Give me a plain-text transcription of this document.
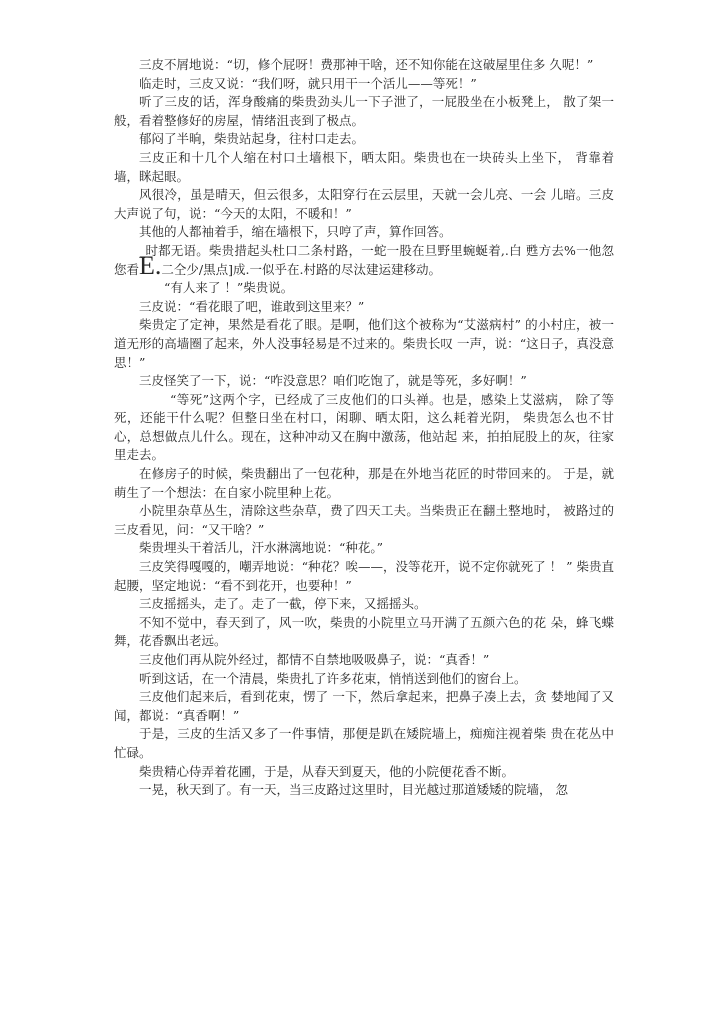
三皮不屑地说：“切，修个屁呀！费那神干啥，还不知你能在这破屋里住多 久呢！”

临走时，三皮又说：“我们呀，就只用干一个活儿——等死！”

听了三皮的话，浑身酸痛的柴贵劲头儿一下子泄了，一屁股坐在小板凳上， 散了架一般，看着整修好的房屋，情绪沮丧到了极点。

郁闷了半晌，柴贵站起身，往村口走去。

三皮正和十几个人缩在村口土墙根下，晒太阳。柴贵也在一块砖头上坐下， 背靠着墙，眯起眼。

风很冷，虽是晴天，但云很多，太阳穿行在云层里，天就一会儿亮、一会 儿暗。三皮大声说了句，说：“今天的太阳，不暖和！”

其他的人都袖着手，缩在墙根下，只哼了声，算作回答。

_时都无语。柴贵措起头杜口二条村路，一蛇一股在旦野里蜿蜒着,.白 甦方去%一他忽您看E.二仝少/黒点]成.一似乎在.村路的尽汰建运建移动。

“有人来了 ！”柴贵说。

三皮说：“看花眼了吧，谁敢到这里来？”

柴贵定了定神，果然是看花了眼。是啊，他们这个被称为“艾滋病村” 的小村庄，被一道无形的高墙圈了起来，外人没事轻易是不过来的。柴贵长叹 一声，说：“这日子，真没意思！”

三皮怪笑了一下，说：“咋没意思？咱们吃饱了，就是等死，多好啊！”

“等死”这两个字，已经成了三皮他们的口头禅。也是，感染上艾滋病， 除了等死，还能干什么呢？但整日坐在村口，闲聊、晒太阳，这么耗着光阴， 柴贵怎么也不甘心，总想做点儿什么。现在，这种冲动又在胸中激荡，他站起 来，拍拍屁股上的灰，往家里走去。

在修房子的时候，柴贵翻出了一包花种，那是在外地当花匠的时带回来的。 于是，就萌生了一个想法：在自家小院里种上花。

小院里杂草丛生，清除这些杂草，费了四天工夫。当柴贵正在翻土整地时， 被路过的三皮看见，问：“又干啥？”

柴贵埋头干着活儿，汗水淋漓地说：“种花。”

三皮笑得嘎嘎的，嘲弄地说：“种花？唉——，没等花开，说不定你就死了 ！ ” 柴贵直起腰，坚定地说：“看不到花开，也要种！”

三皮摇摇头，走了。走了一截，停下来，又摇摇头。

不知不觉中，春天到了，风一吹，柴贵的小院里立马开满了五颜六色的花 朵，蜂飞蝶舞，花香飘出老远。

三皮他们再从院外经过，都情不自禁地吸吸鼻子，说：“真香！”

听到这话，在一个清晨，柴贵扎了许多花束，悄悄送到他们的窗台上。

三皮他们起来后，看到花束，愣了 一下，然后拿起来，把鼻子凑上去，贪 婪地闻了又闻，都说：“真香啊！”

于是，三皮的生活又多了一件事情，那便是趴在矮院墙上，痴痴注视着柴 贵在花丛中忙碌。

柴贵精心侍弄着花圃，于是，从春天到夏天，他的小院便花香不断。

一晃，秋天到了。有一天，当三皮路过这里时，目光越过那道矮矮的院墙， 忽
